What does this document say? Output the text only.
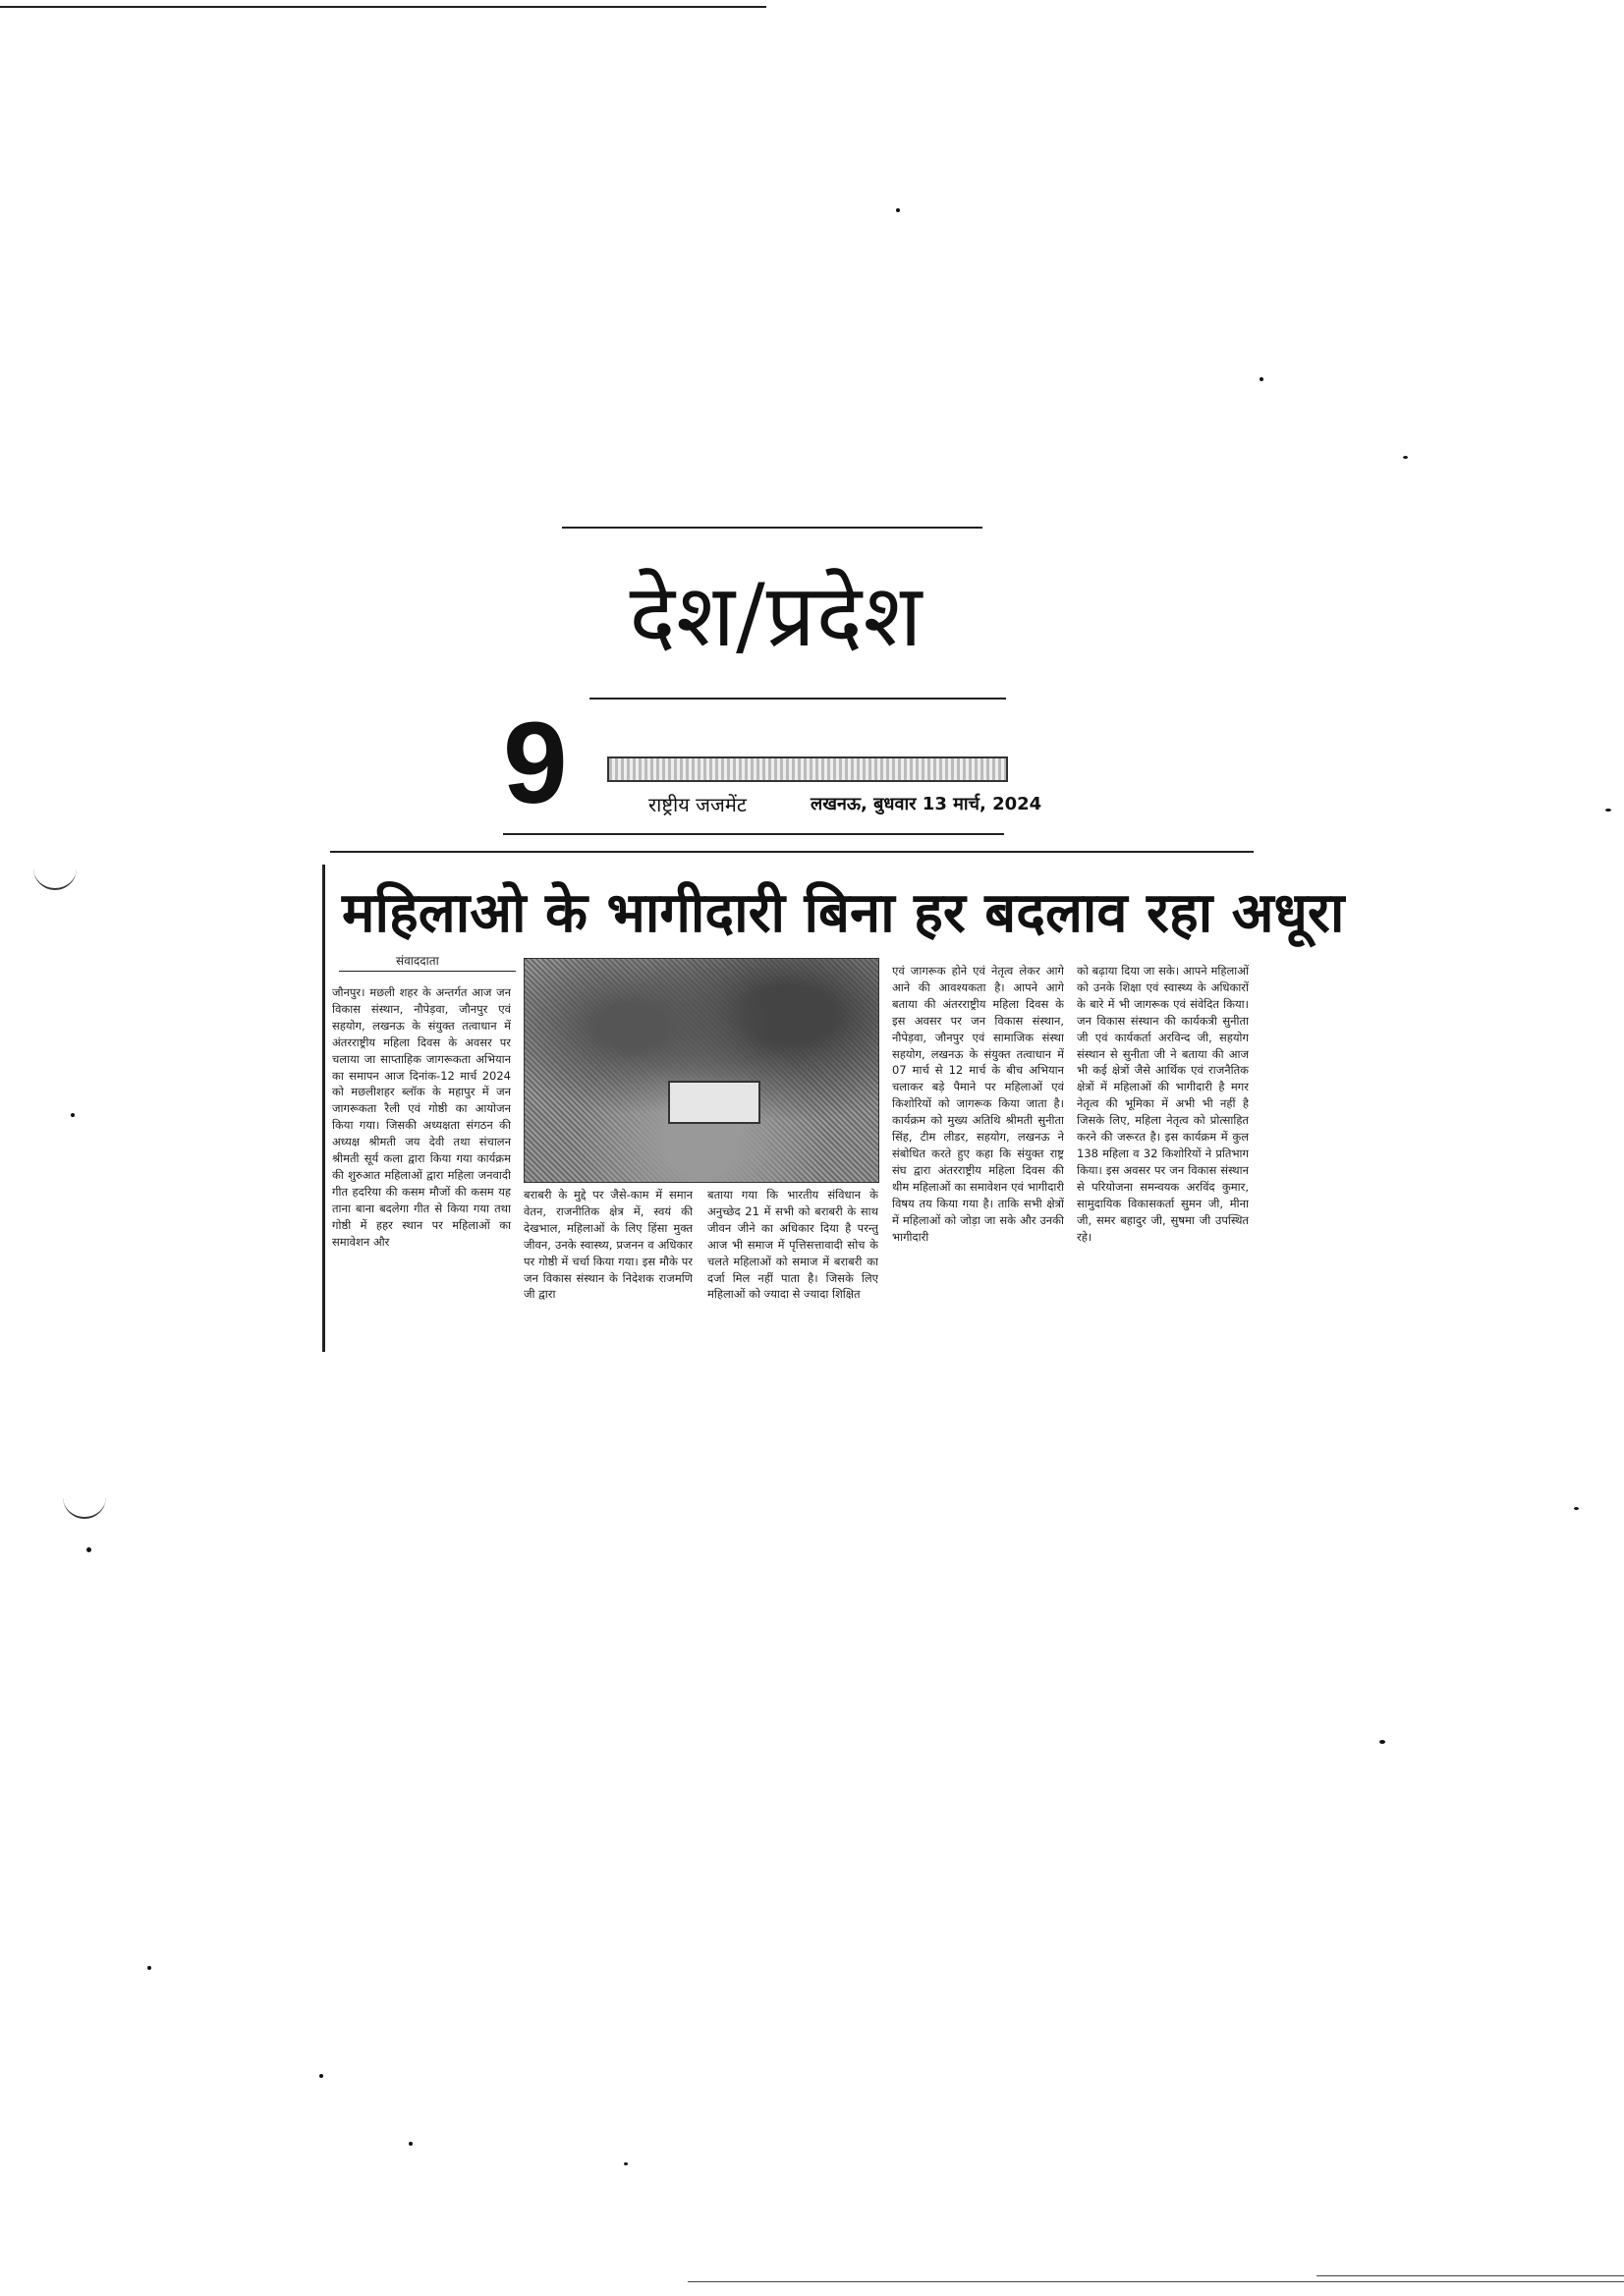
देश/प्रदेश
9	राष्ट्रीय जजमेंट	लखनऊ, बुधवार 13 मार्च, 2024
महिलाओ के भागीदारी बिना हर बदलाव रहा अधूरा
संवाददाता

जौनपुर। मछली शहर के अन्तर्गत आज जन विकास संस्थान, नौपेड़वा, जौनपुर एवं सहयोग, लखनऊ के संयुक्त तत्वाधान में अंतरराष्ट्रीय महिला दिवस के अवसर पर चलाया जा साप्ताहिक जागरूकता अभियान का समापन आज दिनांक-12 मार्च 2024 को मछलीशहर ब्लॉक के महापुर में जन जागरूकता रैली एवं गोष्ठी का आयोजन किया गया। जिसकी अध्यक्षता संगठन की अध्यक्ष श्रीमती जय देवी तथा संचालन श्रीमती सूर्य कला द्वारा किया गया कार्यक्रम की शुरुआत महिलाओं द्वारा महिला जनवादी गीत हदरिया की कसम मौजों की कसम यह ताना बाना बदलेगा गीत से किया गया तथा गोष्ठी में हहर स्थान पर महिलाओं का समावेशन और

बराबरी के मुद्दे पर जैसे-काम में समान वेतन, राजनीतिक क्षेत्र में, स्वयं की देखभाल, महिलाओं के लिए हिंसा मुक्त जीवन, उनके स्वास्थ्य, प्रजनन व अधिकार पर गोष्ठी में चर्चा किया गया। इस मौके पर जन विकास संस्थान के निदेशक राजमणि जी द्वारा

बताया गया कि भारतीय संविधान के अनुच्छेद 21 में सभी को बराबरी के साथ जीवन जीने का अधिकार दिया है परन्तु आज भी समाज में पृत्तिसत्तावादी सोच के चलते महिलाओं को समाज में बराबरी का दर्जा मिल नहीं पाता है। जिसके लिए महिलाओं को ज्यादा से ज्यादा शिक्षित

एवं जागरूक होने एवं नेतृत्व लेकर आगे आने की आवश्यकता है। आपने आगे बताया की अंतरराष्ट्रीय महिला दिवस के इस अवसर पर जन विकास संस्थान, नौपेड़वा, जौनपुर एवं सामाजिक संस्था सहयोग, लखनऊ के संयुक्त तत्वाधान में 07 मार्च से 12 मार्च के बीच अभियान चलाकर बड़े पैमाने पर महिलाओं एवं किशोरियों को जागरूक किया जाता है। कार्यक्रम को मुख्य अतिथि श्रीमती सुनीता सिंह, टीम लीडर, सहयोग, लखनऊ ने संबोधित करते हुए कहा कि संयुक्त राष्ट्र संघ द्वारा अंतरराष्ट्रीय महिला दिवस की थीम महिलाओं का समावेशन एवं भागीदारी विषय तय किया गया है। ताकि सभी क्षेत्रों में महिलाओं को जोड़ा जा सके और उनकी भागीदारी

को बढ़ाया दिया जा सके। आपने महिलाओं को उनके शिक्षा एवं स्वास्थ्य के अधिकारों के बारे में भी जागरूक एवं संवेदित किया। जन विकास संस्थान की कार्यकत्री सुनीता जी एवं कार्यकर्ता अरविन्द जी, सहयोग संस्थान से सुनीता जी ने बताया की आज भी कई क्षेत्रों जैसे आर्थिक एवं राजनैतिक क्षेत्रों में महिलाओं की भागीदारी है मगर नेतृत्व की भूमिका में अभी भी नहीं है जिसके लिए, महिला नेतृत्व को प्रोत्साहित करने की जरूरत है। इस कार्यक्रम में कुल 138 महिला व 32 किशोरियों ने प्रतिभाग किया। इस अवसर पर जन विकास संस्थान से परियोजना समन्वयक अरविंद कुमार, सामुदायिक विकासकर्ता सुमन जी, मीना जी, समर बहादुर जी, सुषमा जी उपस्थित रहे।
